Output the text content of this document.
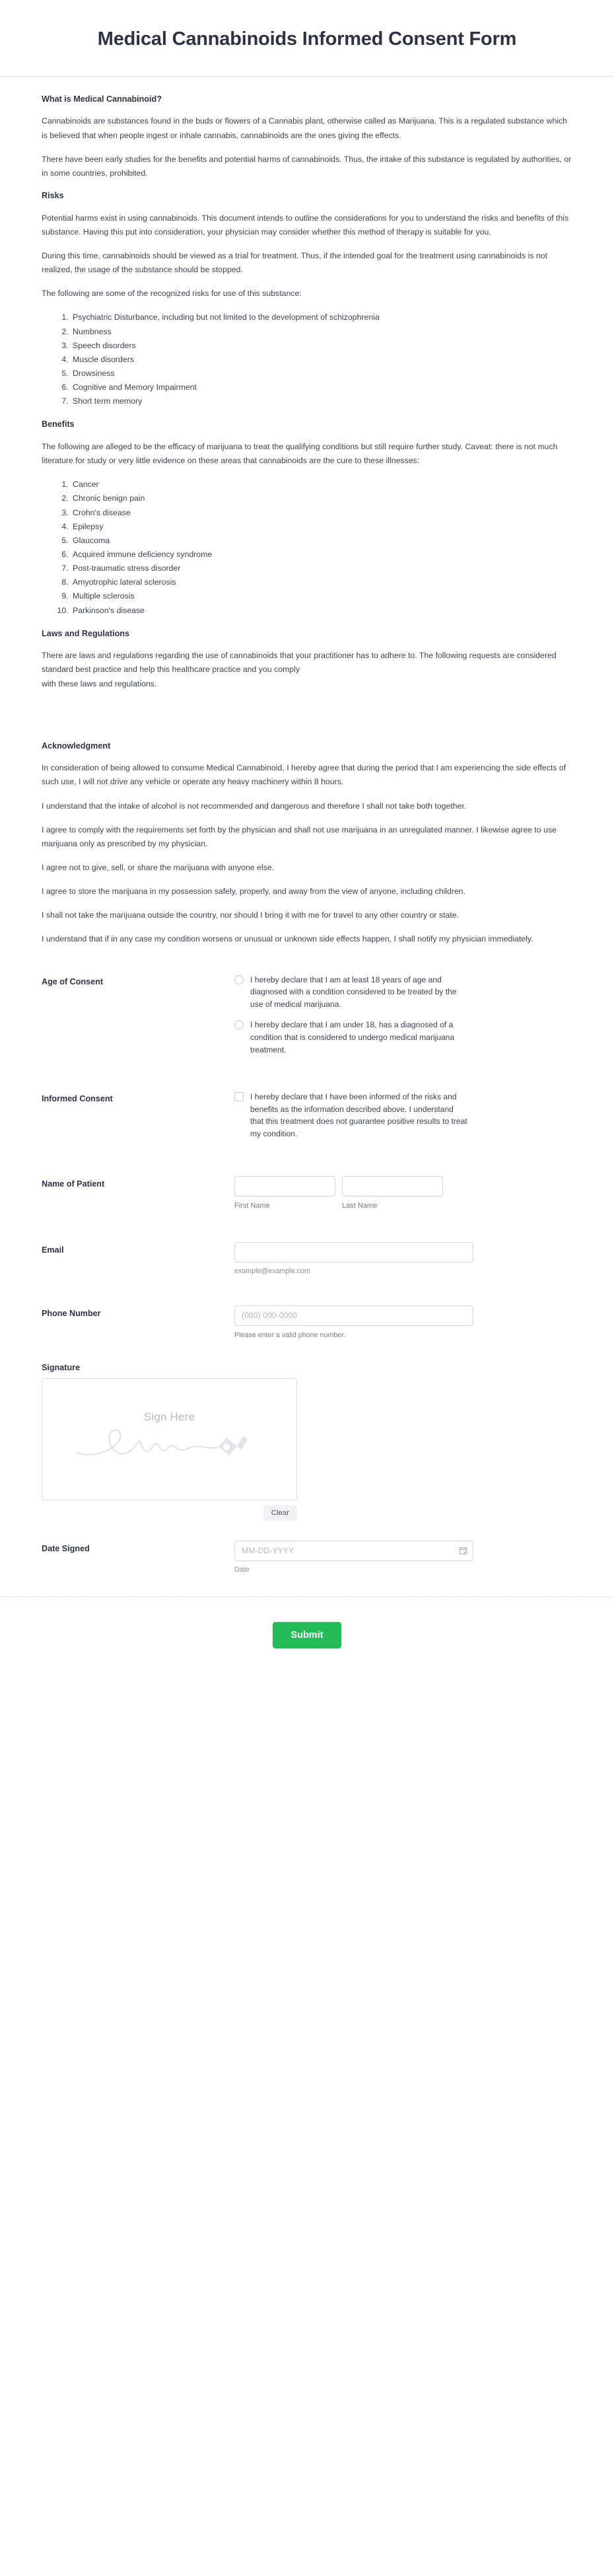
Medical Cannabinoids Informed Consent Form
What is Medical Cannabinoid?

Cannabinoids are substances found in the buds or flowers of a Cannabis plant, otherwise called as Marijuana. This is a regulated substance which is believed that when people ingest or inhale cannabis, cannabinoids are the ones giving the effects.

There have been early studies for the benefits and potential harms of cannabinoids. Thus, the intake of this substance is regulated by authorities, or in some countries, prohibited.

Risks

Potential harms exist in using cannabinoids. This document intends to outline the considerations for you to understand the risks and benefits of this substance. Having this put into consideration, your physician may consider whether this method of therapy is suitable for you.

During this time, cannabinoids should be viewed as a trial for treatment. Thus, if the intended goal for the treatment using cannabinoids is not realized, the usage of the substance should be stopped.

The following are some of the recognized risks for use of this substance:

1. Psychiatric Disturbance, including but not limited to the development of schizophrenia
2. Numbness
3. Speech disorders
4. Muscle disorders
5. Drowsiness
6. Cognitive and Memory Impairment
7. Short term memory
Benefits

The following are alleged to be the efficacy of marijuana to treat the qualifying conditions but still require further study. Caveat: there is not much literature for study or very little evidence on these areas that cannabinoids are the cure to these illnesses:

1. Cancer
2. Chronic benign pain
3. Crohn's disease
4. Epilepsy
5. Glaucoma
6. Acquired immune deficiency syndrome
7. Post-traumatic stress disorder
8. Amyotrophic lateral sclerosis
9. Multiple sclerosis
10. Parkinson's disease
Laws and Regulations

There are laws and regulations regarding the use of cannabinoids that your practitioner has to adhere to. The following requests are considered standard best practice and help this healthcare practice and you comply

with these laws and regulations.

Acknowledgment

In consideration of being allowed to consume Medical Cannabinoid, I hereby agree that during the period that I am experiencing the side effects of such use, I will not drive any vehicle or operate any heavy machinery within 8 hours.

I understand that the intake of alcohol is not recommended and dangerous and therefore I shall not take both together.

I agree to comply with the requirements set forth by the physician and shall not use marijuana in an unregulated manner. I likewise agree to use marijuana only as prescribed by my physician.

I agree not to give, sell, or share the marijuana with anyone else.

I agree to store the marijuana in my possession safely, properly, and away from the view of anyone, including children.

I shall not take the marijuana outside the country, nor should I bring it with me for travel to any other country or state.

I understand that if in any case my condition worsens or unusual or unknown side effects happen, I shall notify my physician immediately.

Age of Consent	I hereby declare that I am at least 18 years of age and diagnosed with a condition considered to be treated by the use of medical marijuana.
I hereby declare that I am under 18, has a diagnosed of a condition that is considered to undergo medical marijuana treatment.
Informed Consent	I hereby declare that I have been informed of the risks and benefits as the information described above. I understand that this treatment does not guarantee positive results to treat my condition.
Name of Patient
First Name	Last Name
Email
example@example.com
Phone Number	(000) 000-0000
Please enter a valid phone number.
Signature
Sign Here
Clear
Date Signed	MM-DD-YYYY
Date
Submit
